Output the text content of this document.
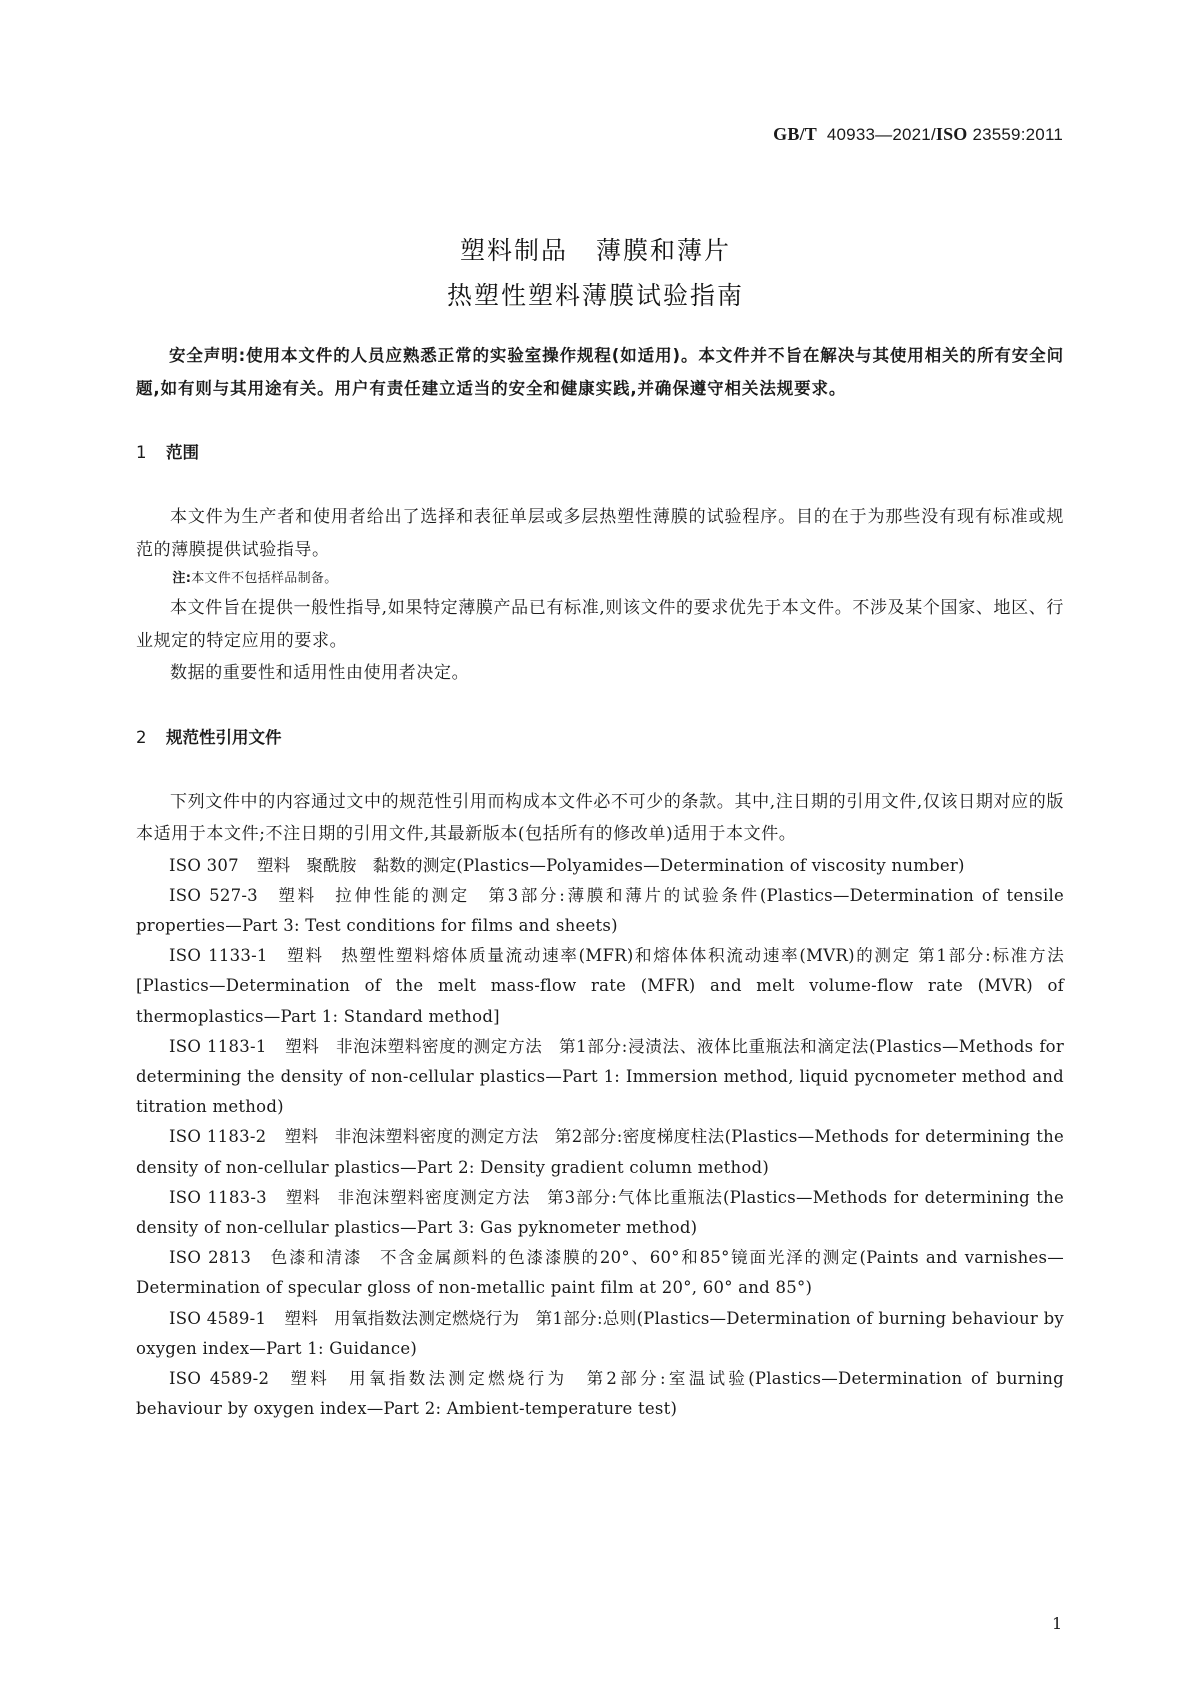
GB/T 40933—2021/ISO 23559:2011
塑料制品 薄膜和薄片
热塑性塑料薄膜试验指南

安全声明:使用本文件的人员应熟悉正常的实验室操作规程(如适用)。本文件并不旨在解决与其使用相关的所有安全问题,如有则与其用途有关。用户有责任建立适当的安全和健康实践,并确保遵守相关法规要求。

1 范围

本文件为生产者和使用者给出了选择和表征单层或多层热塑性薄膜的试验程序。目的在于为那些没有现有标准或规范的薄膜提供试验指导。

注:本文件不包括样品制备。

本文件旨在提供一般性指导,如果特定薄膜产品已有标准,则该文件的要求优先于本文件。不涉及某个国家、地区、行业规定的特定应用的要求。

数据的重要性和适用性由使用者决定。

2 规范性引用文件

下列文件中的内容通过文中的规范性引用而构成本文件必不可少的条款。其中,注日期的引用文件,仅该日期对应的版本适用于本文件;不注日期的引用文件,其最新版本(包括所有的修改单)适用于本文件。

ISO 307 塑料 聚酰胺 黏数的测定(Plastics—Polyamides—Determination of viscosity number)

ISO 527-3 塑料 拉伸性能的测定 第3部分:薄膜和薄片的试验条件(Plastics—Determination of tensile properties—Part 3: Test conditions for films and sheets)

ISO 1133-1 塑料 热塑性塑料熔体质量流动速率(MFR)和熔体体积流动速率(MVR)的测定 第1部分:标准方法[Plastics—Determination of the melt mass-flow rate (MFR) and melt volume-flow rate (MVR) of thermoplastics—Part 1: Standard method]

ISO 1183-1 塑料 非泡沫塑料密度的测定方法 第1部分:浸渍法、液体比重瓶法和滴定法(Plastics—Methods for determining the density of non-cellular plastics—Part 1: Immersion method, liquid pycnometer method and titration method)

ISO 1183-2 塑料 非泡沫塑料密度的测定方法 第2部分:密度梯度柱法(Plastics—Methods for determining the density of non-cellular plastics—Part 2: Density gradient column method)

ISO 1183-3 塑料 非泡沫塑料密度测定方法 第3部分:气体比重瓶法(Plastics—Methods for determining the density of non-cellular plastics—Part 3: Gas pyknometer method)

ISO 2813 色漆和清漆 不含金属颜料的色漆漆膜的20°、60°和85°镜面光泽的测定(Paints and varnishes—Determination of specular gloss of non-metallic paint film at 20°, 60° and 85°)

ISO 4589-1 塑料 用氧指数法测定燃烧行为 第1部分:总则(Plastics—Determination of burning behaviour by oxygen index—Part 1: Guidance)

ISO 4589-2 塑料 用氧指数法测定燃烧行为 第2部分:室温试验(Plastics—Determination of burning behaviour by oxygen index—Part 2: Ambient-temperature test)

1
